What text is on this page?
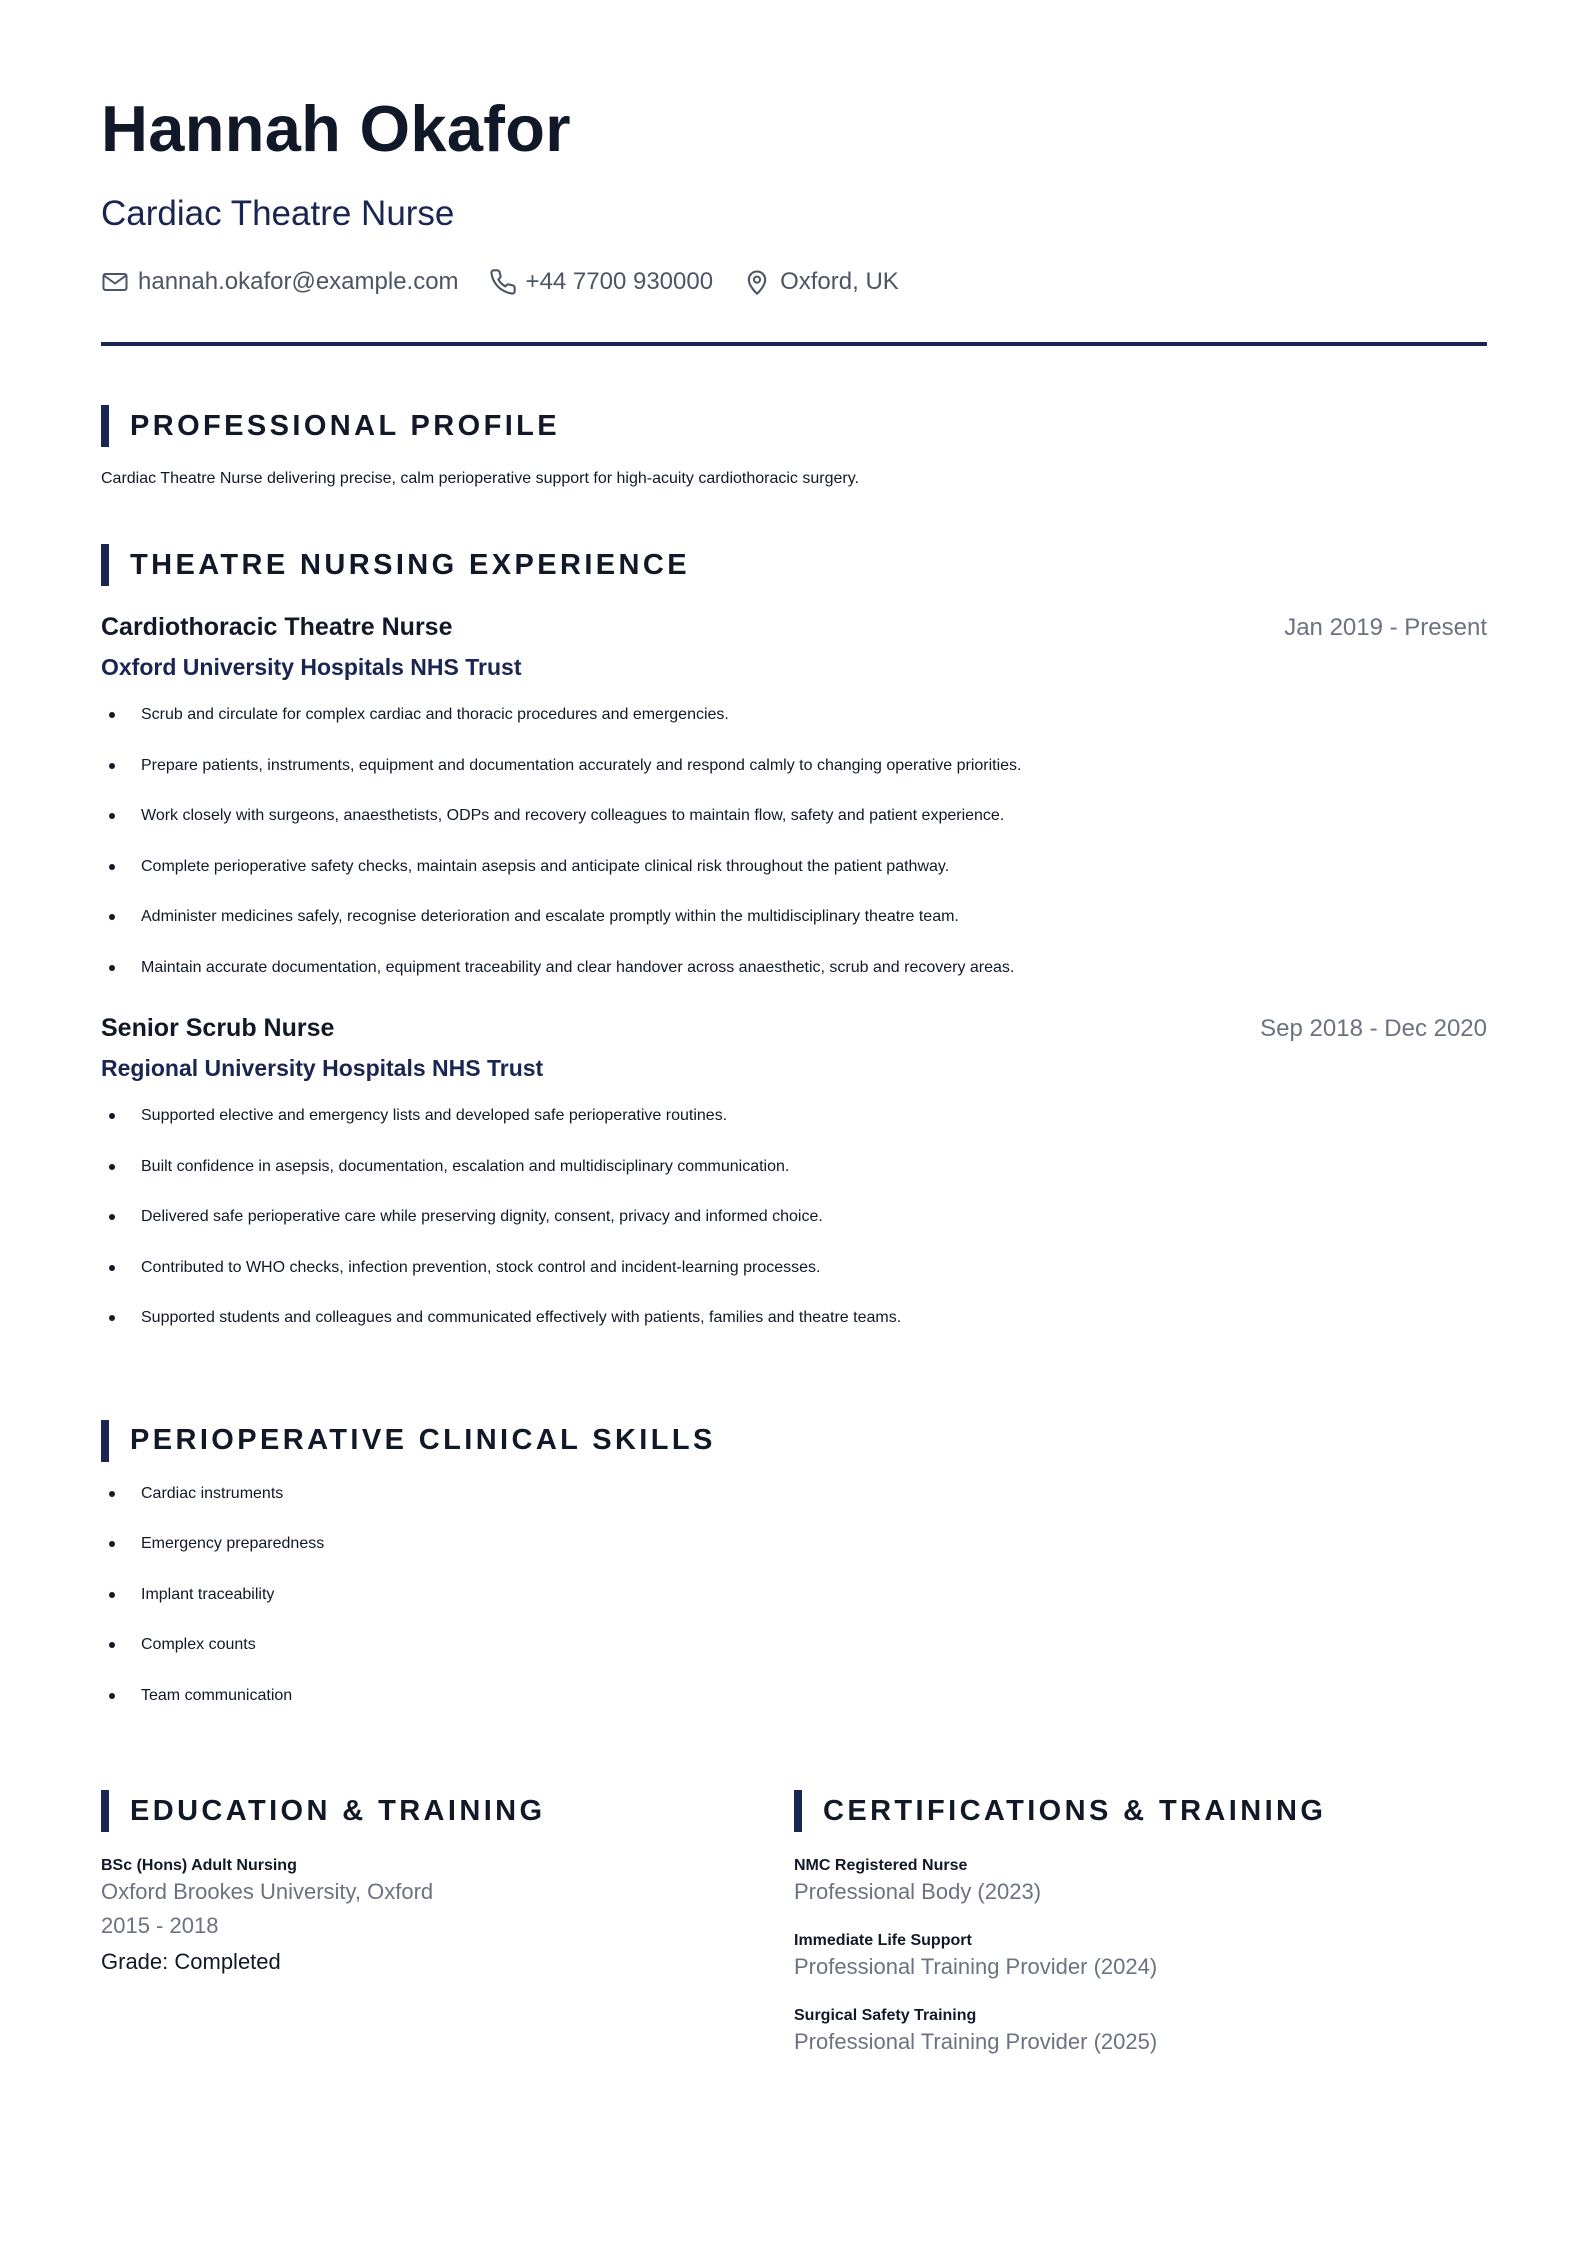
Hannah Okafor
Cardiac Theatre Nurse
hannah.okafor@example.com	+44 7700 930000	Oxford, UK
PROFESSIONAL PROFILE
Cardiac Theatre Nurse delivering precise, calm perioperative support for high-acuity cardiothoracic surgery.
THEATRE NURSING EXPERIENCE
Cardiothoracic Theatre Nurse	Jan 2019 - Present
Oxford University Hospitals NHS Trust
Scrub and circulate for complex cardiac and thoracic procedures and emergencies.
Prepare patients, instruments, equipment and documentation accurately and respond calmly to changing operative priorities.
Work closely with surgeons, anaesthetists, ODPs and recovery colleagues to maintain flow, safety and patient experience.
Complete perioperative safety checks, maintain asepsis and anticipate clinical risk throughout the patient pathway.
Administer medicines safely, recognise deterioration and escalate promptly within the multidisciplinary theatre team.
Maintain accurate documentation, equipment traceability and clear handover across anaesthetic, scrub and recovery areas.
Senior Scrub Nurse	Sep 2018 - Dec 2020
Regional University Hospitals NHS Trust
Supported elective and emergency lists and developed safe perioperative routines.
Built confidence in asepsis, documentation, escalation and multidisciplinary communication.
Delivered safe perioperative care while preserving dignity, consent, privacy and informed choice.
Contributed to WHO checks, infection prevention, stock control and incident-learning processes.
Supported students and colleagues and communicated effectively with patients, families and theatre teams.
PERIOPERATIVE CLINICAL SKILLS
Cardiac instruments
Emergency preparedness
Implant traceability
Complex counts
Team communication
EDUCATION & TRAINING
BSc (Hons) Adult Nursing
Oxford Brookes University, Oxford
2015 - 2018
Grade: Completed
CERTIFICATIONS & TRAINING
NMC Registered Nurse
Professional Body (2023)
Immediate Life Support
Professional Training Provider (2024)
Surgical Safety Training
Professional Training Provider (2025)
